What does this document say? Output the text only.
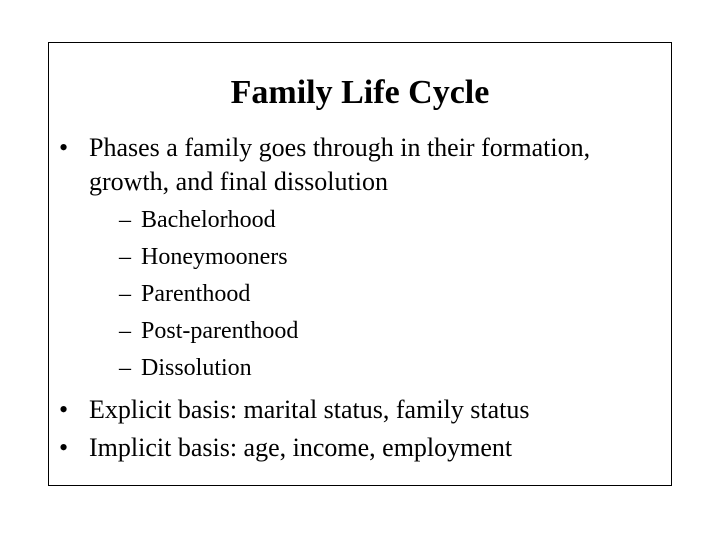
Family Life Cycle
• Phases a family goes through in their formation, growth, and final dissolution
– Bachelorhood
– Honeymooners
– Parenthood
– Post-parenthood
– Dissolution
• Explicit basis: marital status, family status
• Implicit basis: age, income, employment
